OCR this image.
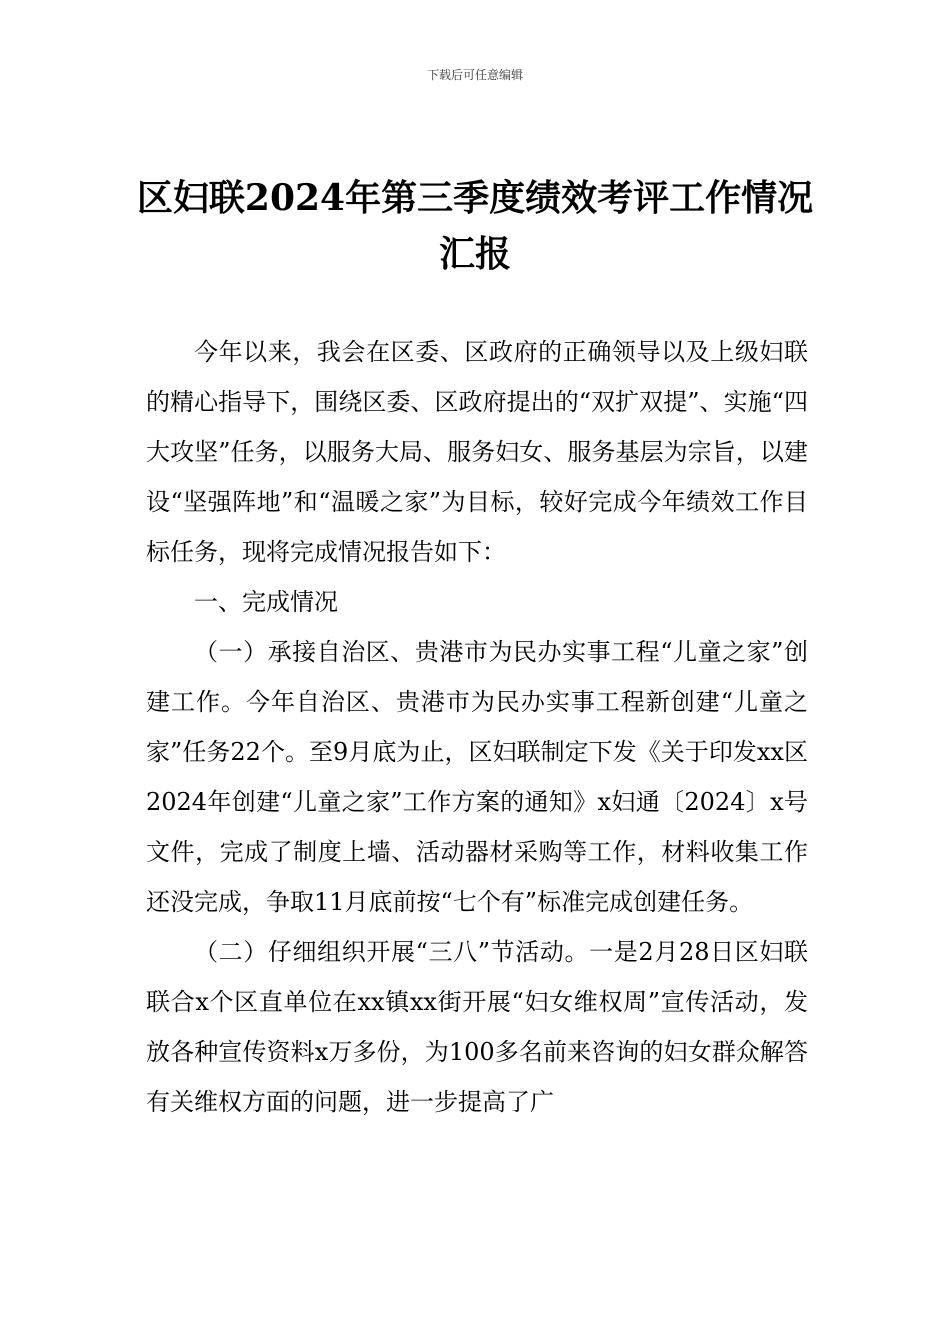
下载后可任意编辑
区妇联2024年第三季度绩效考评工作情况汇报

今年以来，我会在区委、区政府的正确领导以及上级妇联的精心指导下，围绕区委、区政府提出的“双扩双提”、实施“四大攻坚”任务，以服务大局、服务妇女、服务基层为宗旨，以建设“坚强阵地”和“温暖之家”为目标，较好完成今年绩效工作目标任务，现将完成情况报告如下：

一、完成情况

（一）承接自治区、贵港市为民办实事工程“儿童之家”创建工作。今年自治区、贵港市为民办实事工程新创建“儿童之家”任务22个。至9月底为止，区妇联制定下发《关于印发xx区2024年创建“儿童之家”工作方案的通知》x妇通〔2024〕x号文件，完成了制度上墙、活动器材采购等工作，材料收集工作还没完成，争取11月底前按“七个有”标准完成创建任务。

（二）仔细组织开展“三八”节活动。一是2月28日区妇联联合x个区直单位在xx镇xx街开展“妇女维权周”宣传活动，发放各种宣传资料x万多份，为100多名前来咨询的妇女群众解答有关维权方面的问题，进一步提高了广
